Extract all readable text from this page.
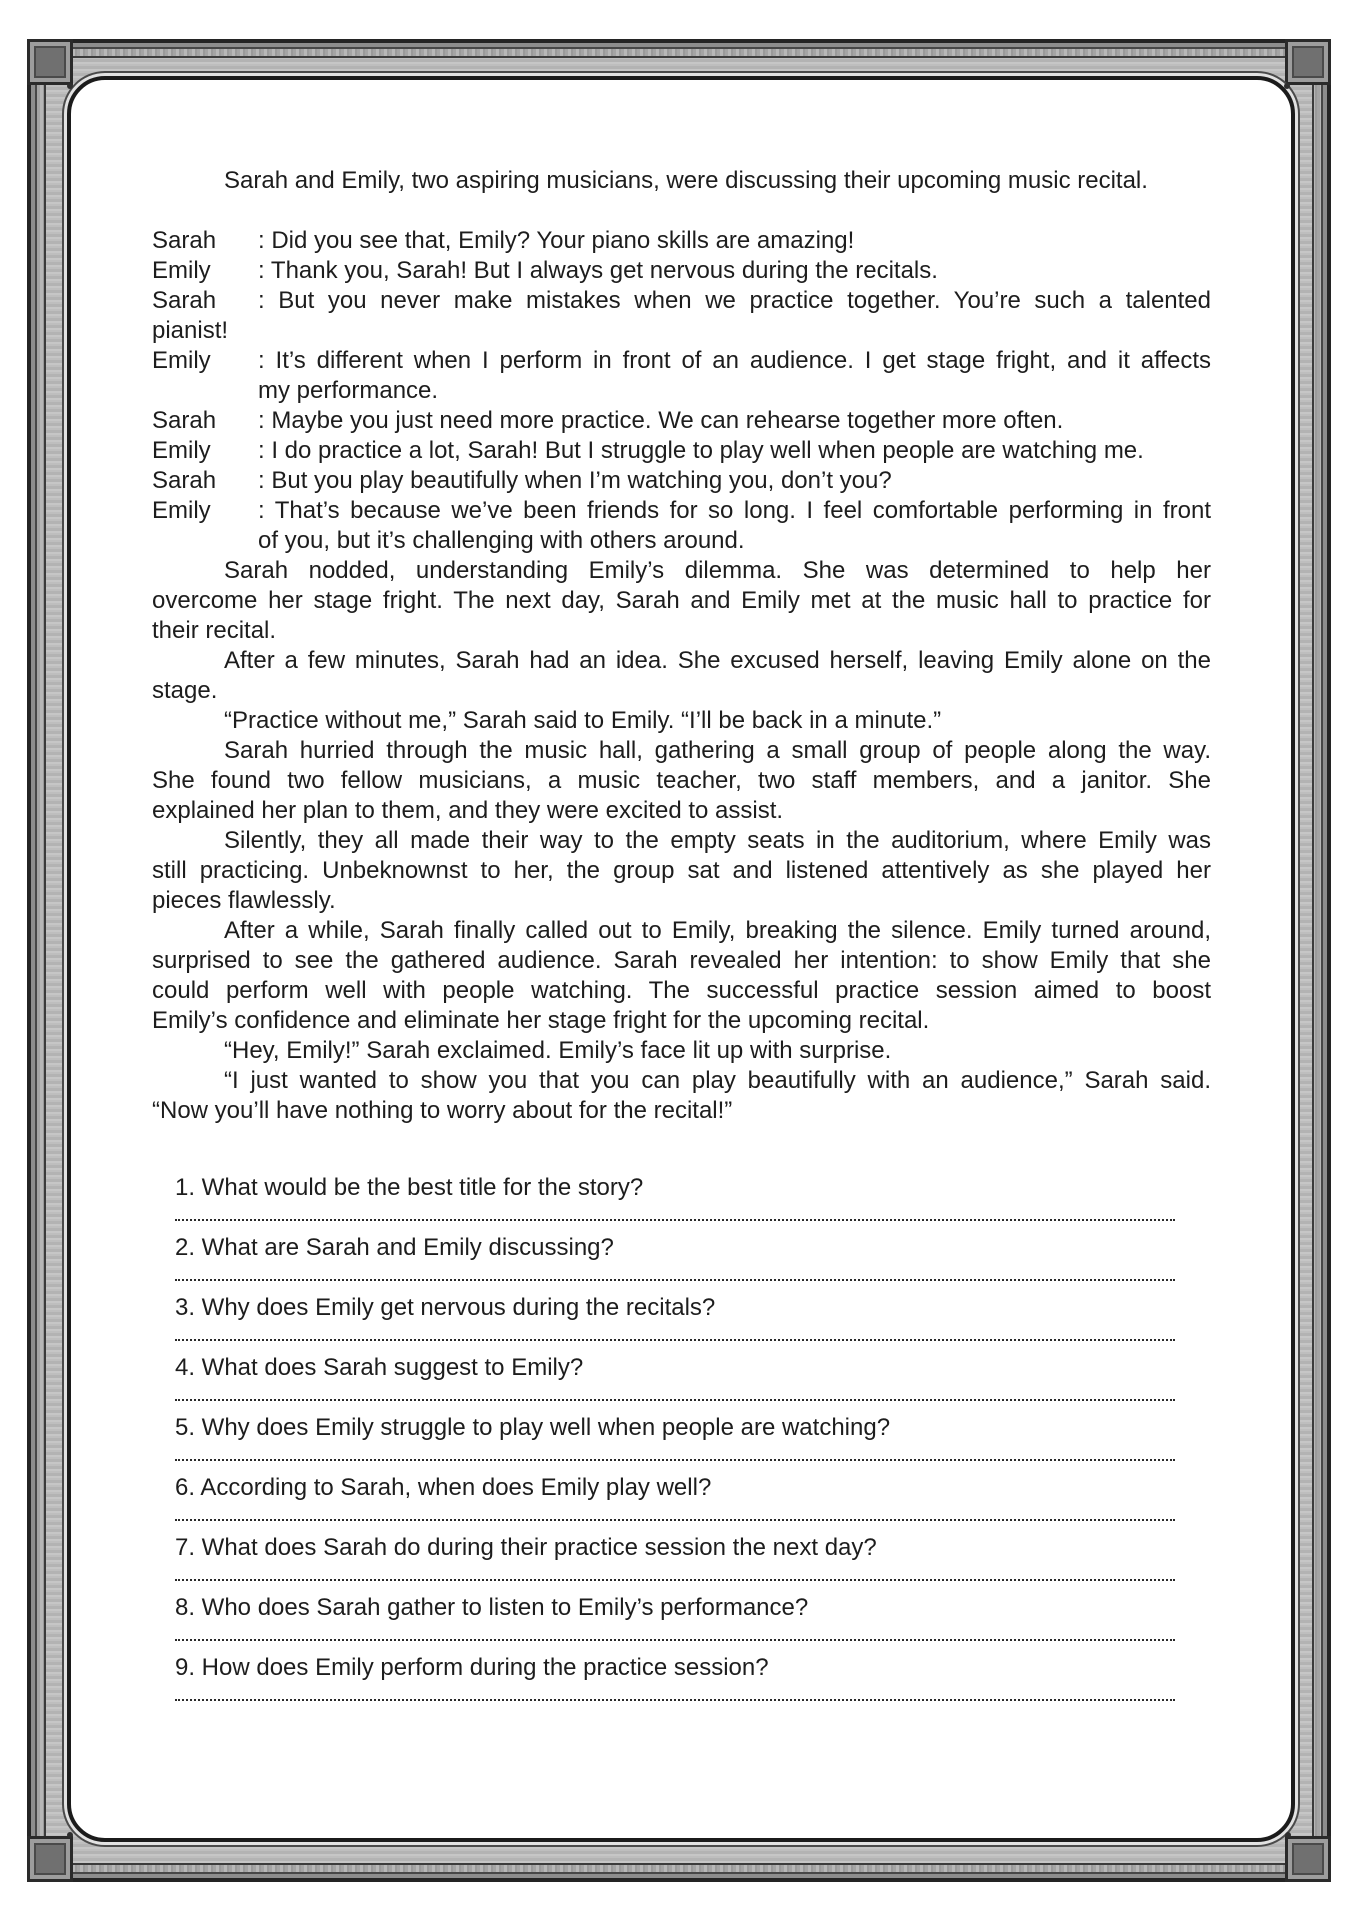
Sarah and Emily, two aspiring musicians, were discussing their upcoming music recital.
Sarah	: Did you see that, Emily? Your piano skills are amazing!
Emily	: Thank you, Sarah! But I always get nervous during the recitals.
Sarah	: But you never make mistakes when we practice together. You’re such a talented
pianist!
Emily	: It’s different when I perform in front of an audience. I get stage fright, and it affects
my performance.
Sarah	: Maybe you just need more practice. We can rehearse together more often.
Emily	: I do practice a lot, Sarah! But I struggle to play well when people are watching me.
Sarah	: But you play beautifully when I’m watching you, don’t you?
Emily	: That’s because we’ve been friends for so long. I feel comfortable performing in front
of you, but it’s challenging with others around.
Sarah nodded, understanding Emily’s dilemma. She was determined to help her
overcome her stage fright. The next day, Sarah and Emily met at the music hall to practice for
their recital.
After a few minutes, Sarah had an idea. She excused herself, leaving Emily alone on the
stage.
“Practice without me,” Sarah said to Emily. “I’ll be back in a minute.”
Sarah hurried through the music hall, gathering a small group of people along the way.
She found two fellow musicians, a music teacher, two staff members, and a janitor. She
explained her plan to them, and they were excited to assist.
Silently, they all made their way to the empty seats in the auditorium, where Emily was
still practicing. Unbeknownst to her, the group sat and listened attentively as she played her
pieces flawlessly.
After a while, Sarah finally called out to Emily, breaking the silence. Emily turned around,
surprised to see the gathered audience. Sarah revealed her intention: to show Emily that she
could perform well with people watching. The successful practice session aimed to boost
Emily’s confidence and eliminate her stage fright for the upcoming recital.
“Hey, Emily!” Sarah exclaimed. Emily’s face lit up with surprise.
“I just wanted to show you that you can play beautifully with an audience,” Sarah said.
“Now you’ll have nothing to worry about for the recital!”
1. What would be the best title for the story?
2. What are Sarah and Emily discussing?
3. Why does Emily get nervous during the recitals?
4. What does Sarah suggest to Emily?
5. Why does Emily struggle to play well when people are watching?
6. According to Sarah, when does Emily play well?
7. What does Sarah do during their practice session the next day?
8. Who does Sarah gather to listen to Emily’s performance?
9. How does Emily perform during the practice session?
